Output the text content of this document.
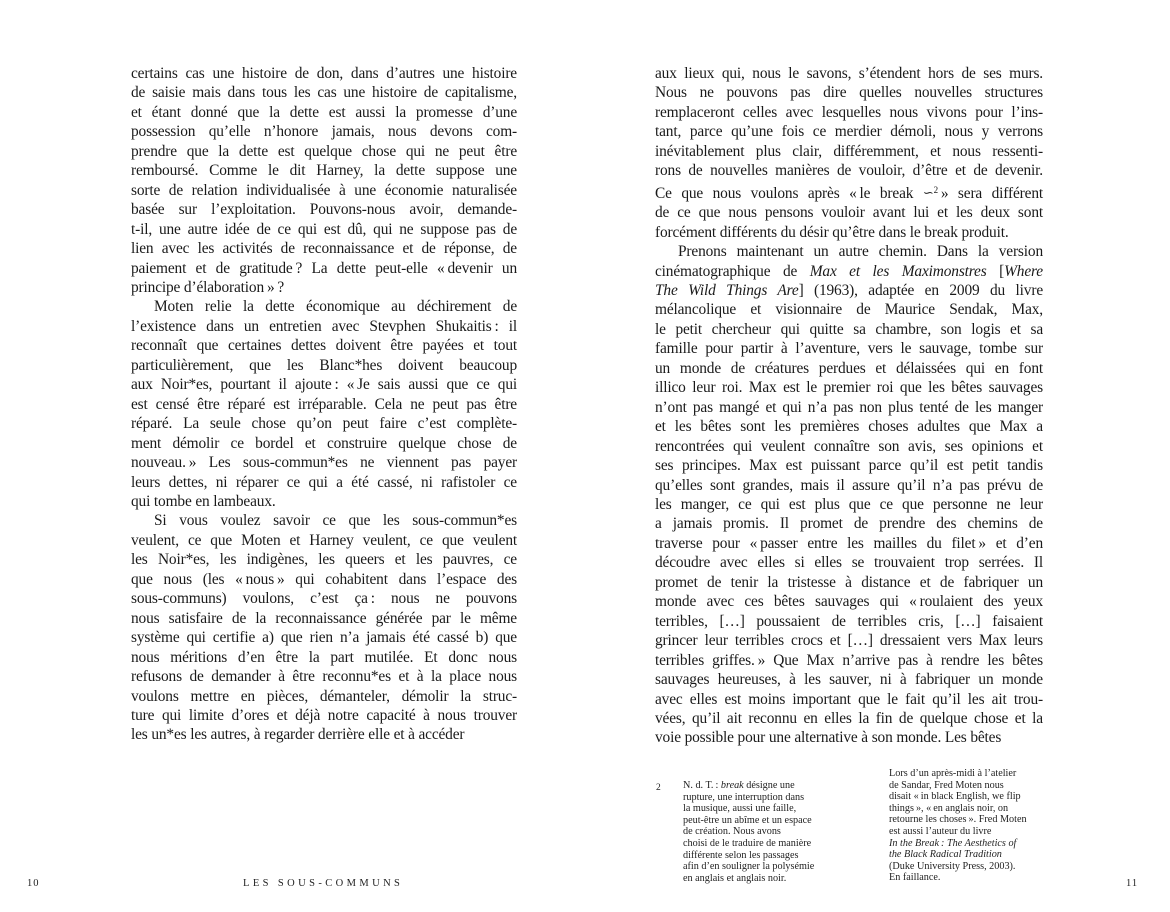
certains cas une histoire de don, dans d’autres une histoire
de saisie mais dans tous les cas une histoire de capitalisme,
et étant donné que la dette est aussi la promesse d’une
possession qu’elle n’honore jamais, nous devons com-
prendre que la dette est quelque chose qui ne peut être
remboursé. Comme le dit Harney, la dette suppose une
sorte de relation individualisée à une économie naturalisée
basée sur l’exploitation. Pouvons-nous avoir, demande-
t-il, une autre idée de ce qui est dû, qui ne suppose pas de
lien avec les activités de reconnaissance et de réponse, de
paiement et de gratitude ? La dette peut-elle « devenir un
principe d’élaboration » ?
Moten relie la dette économique au déchirement de
l’existence dans un entretien avec Stevphen Shukaitis : il
reconnaît que certaines dettes doivent être payées et tout
particulièrement, que les Blanc*hes doivent beaucoup
aux Noir*es, pourtant il ajoute : « Je sais aussi que ce qui
est censé être réparé est irréparable. Cela ne peut pas être
réparé. La seule chose qu’on peut faire c’est complète-
ment démolir ce bordel et construire quelque chose de
nouveau. » Les sous-commun*es ne viennent pas payer
leurs dettes, ni réparer ce qui a été cassé, ni rafistoler ce
qui tombe en lambeaux.
Si vous voulez savoir ce que les sous-commun*es
veulent, ce que Moten et Harney veulent, ce que veulent
les Noir*es, les indigènes, les queers et les pauvres, ce
que nous (les « nous » qui cohabitent dans l’espace des
sous-communs) voulons, c’est ça : nous ne pouvons
nous satisfaire de la reconnaissance générée par le même
système qui certifie a) que rien n’a jamais été cassé b) que
nous méritions d’en être la part mutilée. Et donc nous
refusons de demander à être reconnu*es et à la place nous
voulons mettre en pièces, démanteler, démolir la struc-
ture qui limite d’ores et déjà notre capacité à nous trouver
les un*es les autres, à regarder derrière elle et à accéder
10	LES SOUS-COMMUNS
aux lieux qui, nous le savons, s’étendent hors de ses murs.
Nous ne pouvons pas dire quelles nouvelles structures
remplaceront celles avec lesquelles nous vivons pour l’ins-
tant, parce qu’une fois ce merdier démoli, nous y verrons
inévitablement plus clair, différemment, et nous ressenti-
rons de nouvelles manières de vouloir, d’être et de devenir.
Ce que nous voulons après « le break ∽$^2$ » sera différent
de ce que nous pensons vouloir avant lui et les deux sont
forcément différents du désir qu’être dans le break produit.
Prenons maintenant un autre chemin. Dans la version
cinématographique de Max et les Maximonstres [Where
The Wild Things Are] (1963), adaptée en 2009 du livre
mélancolique et visionnaire de Maurice Sendak, Max,
le petit chercheur qui quitte sa chambre, son logis et sa
famille pour partir à l’aventure, vers le sauvage, tombe sur
un monde de créatures perdues et délaissées qui en font
illico leur roi. Max est le premier roi que les bêtes sauvages
n’ont pas mangé et qui n’a pas non plus tenté de les manger
et les bêtes sont les premières choses adultes que Max a
rencontrées qui veulent connaître son avis, ses opinions et
ses principes. Max est puissant parce qu’il est petit tandis
qu’elles sont grandes, mais il assure qu’il n’a pas prévu de
les manger, ce qui est plus que ce que personne ne leur
a jamais promis. Il promet de prendre des chemins de
traverse pour « passer entre les mailles du filet » et d’en
découdre avec elles si elles se trouvaient trop serrées. Il
promet de tenir la tristesse à distance et de fabriquer un
monde avec ces bêtes sauvages qui « roulaient des yeux
terribles, […] poussaient de terribles cris, […] faisaient
grincer leur terribles crocs et […] dressaient vers Max leurs
terribles griffes. » Que Max n’arrive pas à rendre les bêtes
sauvages heureuses, à les sauver, ni à fabriquer un monde
avec elles est moins important que le fait qu’il les ait trou-
vées, qu’il ait reconnu en elles la fin de quelque chose et la
voie possible pour une alternative à son monde. Les bêtes
2 N. d. T. : break désigne une
rupture, une interruption dans
la musique, aussi une faille,
peut-être un abîme et un espace
de création. Nous avons
choisi de le traduire de manière
différente selon les passages
afin d’en souligner la polysémie
en anglais et anglais noir.
Lors d’un après-midi à l’atelier
de Sandar, Fred Moten nous
disait « in black English, we flip
things », « en anglais noir, on
retourne les choses ». Fred Moten
est aussi l’auteur du livre
In the Break : The Aesthetics of
the Black Radical Tradition
(Duke University Press, 2003).
En faillance.
11
